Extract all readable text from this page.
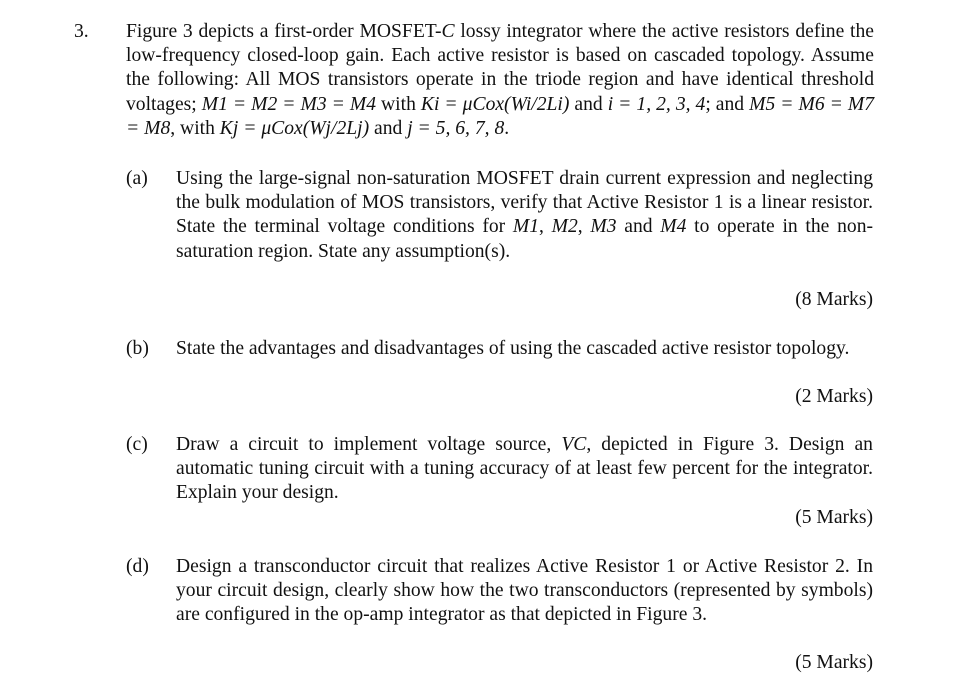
3. Figure 3 depicts a first-order MOSFET-C lossy integrator where the active resistors define the low-frequency closed-loop gain. Each active resistor is based on cascaded topology. Assume the following: All MOS transistors operate in the triode region and have identical threshold voltages; M1 = M2 = M3 = M4 with Ki = μCox(Wi/2Li) and i = 1, 2, 3, 4; and M5 = M6 = M7 = M8, with Kj = μCox(Wj/2Lj) and j = 5, 6, 7, 8.
(a) Using the large-signal non-saturation MOSFET drain current expression and neglecting the bulk modulation of MOS transistors, verify that Active Resistor 1 is a linear resistor. State the terminal voltage conditions for M1, M2, M3 and M4 to operate in the non-saturation region. State any assumption(s).
(8 Marks)
(b) State the advantages and disadvantages of using the cascaded active resistor topology.
(2 Marks)
(c) Draw a circuit to implement voltage source, VC, depicted in Figure 3. Design an automatic tuning circuit with a tuning accuracy of at least few percent for the integrator. Explain your design.
(5 Marks)
(d) Design a transconductor circuit that realizes Active Resistor 1 or Active Resistor 2. In your circuit design, clearly show how the two transconductors (represented by symbols) are configured in the op-amp integrator as that depicted in Figure 3.
(5 Marks)
